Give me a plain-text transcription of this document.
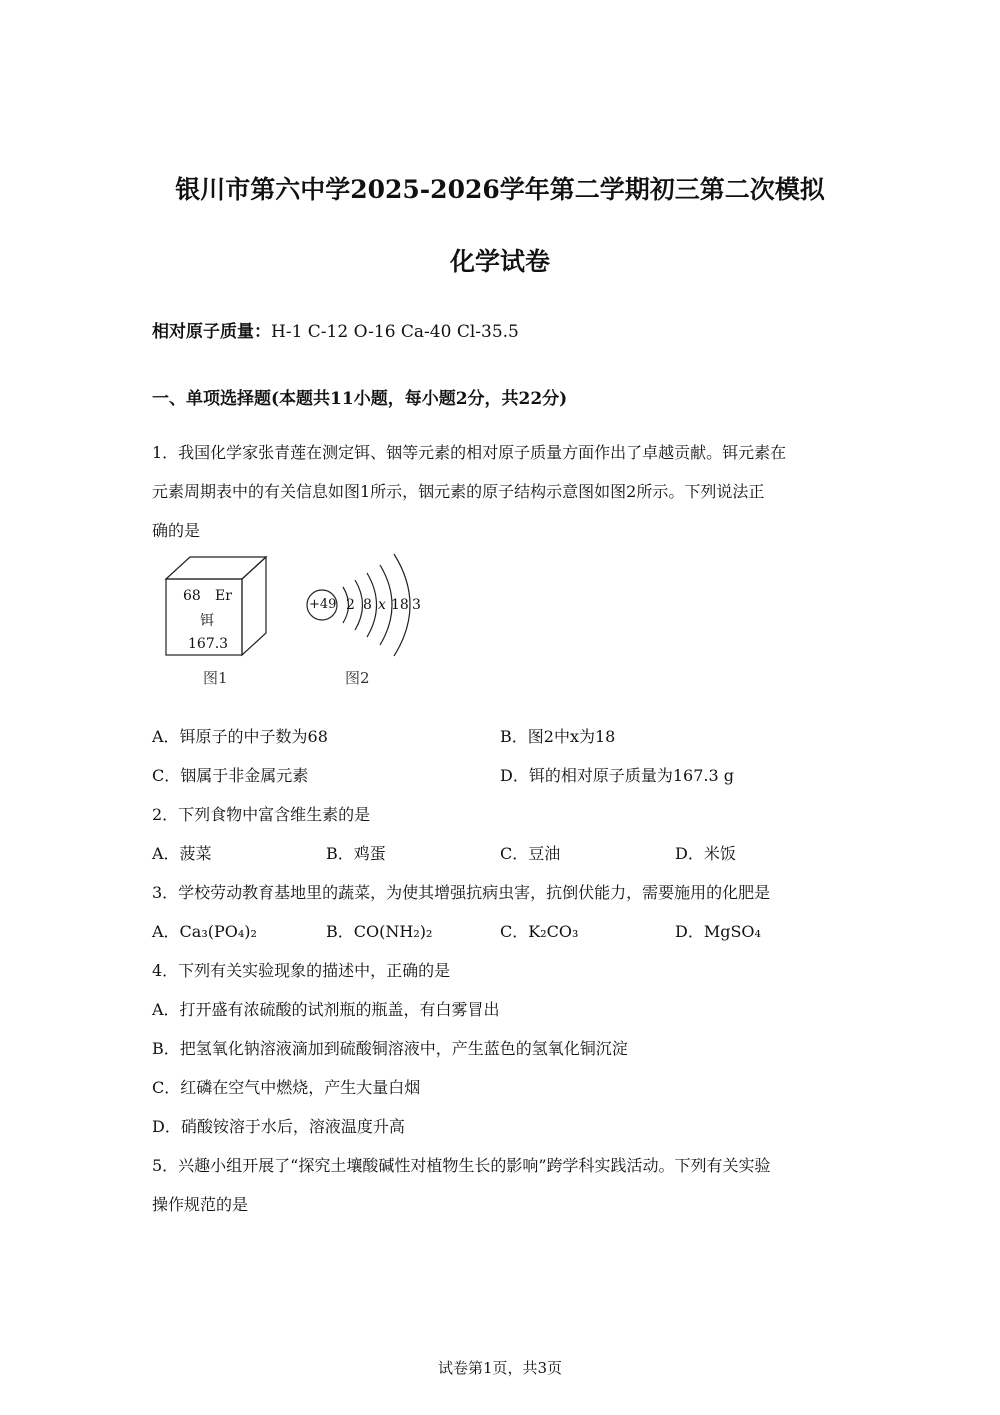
银川市第六中学2025-2026学年第二学期初三第二次模拟
化学试卷
相对原子质量：H-1 C-12 O-16 Ca-40 Cl-35.5
一、单项选择题(本题共11小题，每小题2分，共22分)
1．我国化学家张青莲在测定铒、铟等元素的相对原子质量方面作出了卓越贡献。铒元素在
元素周期表中的有关信息如图1所示，铟元素的原子结构示意图如图2所示。下列说法正
确的是
68 Er
铒
167.3
图1
+49 2 8 x 18 3
图2
A．铒原子的中子数为68	B．图2中x为18
C．铟属于非金属元素	D．铒的相对原子质量为167.3 g
2．下列食物中富含维生素的是
A．菠菜	B．鸡蛋	C．豆油	D．米饭
3．学校劳动教育基地里的蔬菜，为使其增强抗病虫害，抗倒伏能力，需要施用的化肥是
A．Ca₃(PO₄)₂	B．CO(NH₂)₂	C．K₂CO₃	D．MgSO₄
4．下列有关实验现象的描述中，正确的是
A．打开盛有浓硫酸的试剂瓶的瓶盖，有白雾冒出
B．把氢氧化钠溶液滴加到硫酸铜溶液中，产生蓝色的氢氧化铜沉淀
C．红磷在空气中燃烧，产生大量白烟
D．硝酸铵溶于水后，溶液温度升高
5．兴趣小组开展了“探究土壤酸碱性对植物生长的影响”跨学科实践活动。下列有关实验
操作规范的是
试卷第1页，共3页
